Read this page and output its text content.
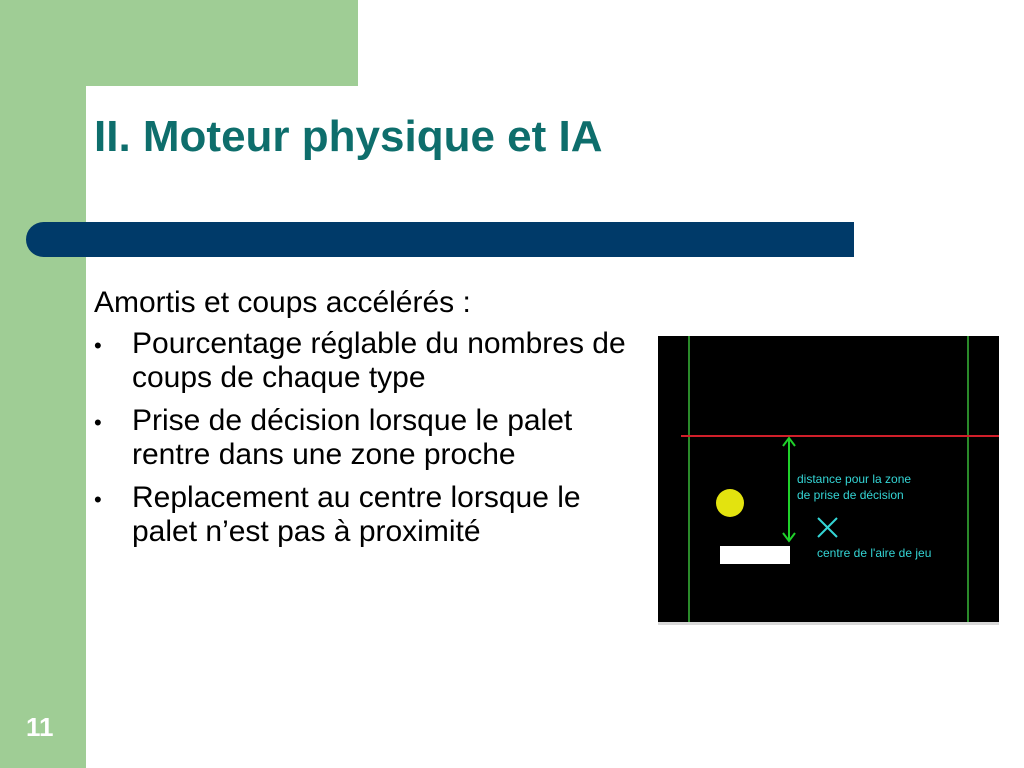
II. Moteur physique et IA

Amortis et coups accélérés :

• Pourcentage réglable du nombres de coups de chaque type
• Prise de décision lorsque le palet rentre dans une zone proche
• Replacement au centre lorsque le palet n’est pas à proximité
distance pour la zone
de prise de décision
centre de l'aire de jeu
11
